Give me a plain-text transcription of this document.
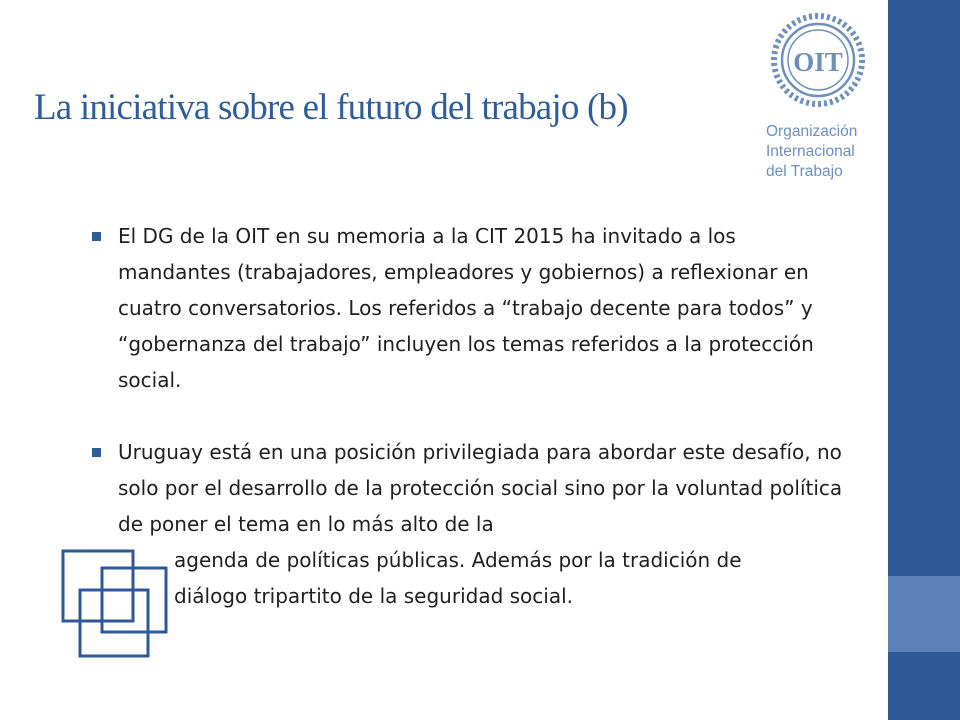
La iniciativa sobre el futuro del trabajo (b)
OIT
Organización
Internacional
del Trabajo
El DG de la OIT en su memoria a la CIT 2015 ha invitado a los mandantes (trabajadores, empleadores y gobiernos) a reflexionar en cuatro conversatorios. Los referidos a “trabajo decente para todos” y “gobernanza del trabajo” incluyen los temas referidos a la protección social.
Uruguay está en una posición privilegiada para abordar este desafío, no solo por el desarrollo de la protección social sino por la voluntad política de poner el tema en lo más alto de la
agenda de políticas públicas. Además por la tradición de
diálogo tripartito de la seguridad social.
